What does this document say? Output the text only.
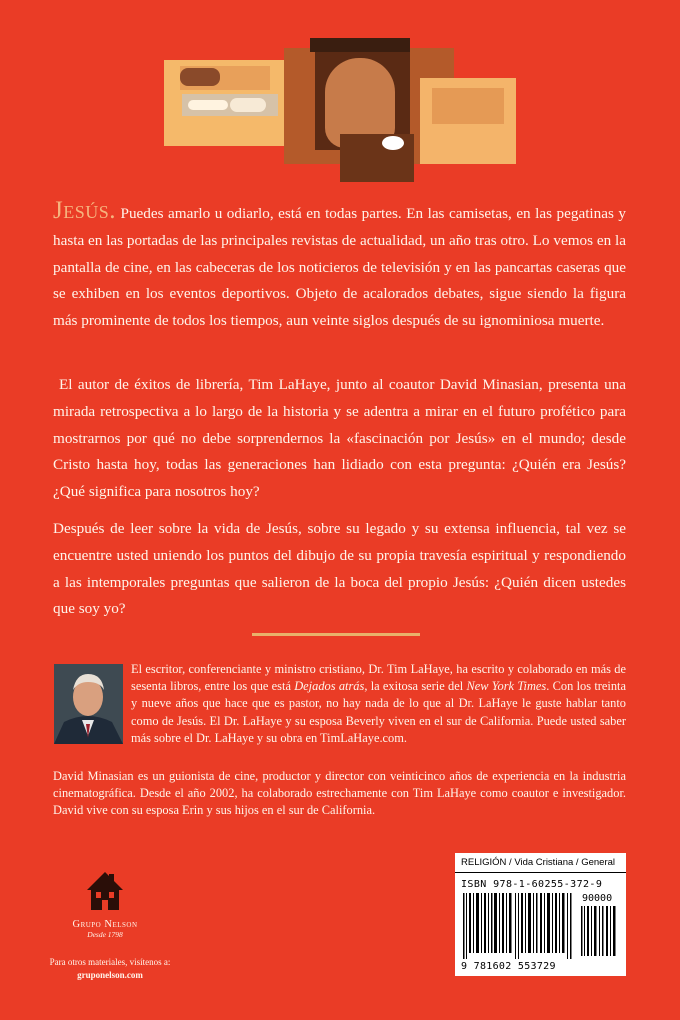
Jesús. Puedes amarlo u odiarlo, está en todas partes. En las camisetas, en las pegatinas y hasta en las portadas de las principales revistas de actualidad, un año tras otro. Lo vemos en la pantalla de cine, en las cabeceras de los noticieros de televisión y en las pancartas caseras que se exhiben en los eventos deportivos. Objeto de acalorados debates, sigue siendo la figura más prominente de todos los tiempos, aun veinte siglos después de su ignominiosa muerte.

El autor de éxitos de librería, Tim LaHaye, junto al coautor David Minasian, presenta una mirada retrospectiva a lo largo de la historia y se adentra a mirar en el futuro profético para mostrarnos por qué no debe sorprendernos la «fascinación por Jesús» en el mundo; desde Cristo hasta hoy, todas las generaciones han lidiado con esta pregunta: ¿Quién era Jesús? ¿Qué significa para nosotros hoy?

Después de leer sobre la vida de Jesús, sobre su legado y su extensa influencia, tal vez se encuentre usted uniendo los puntos del dibujo de su propia travesía espiritual y respondiendo a las intemporales preguntas que salieron de la boca del propio Jesús: ¿Quién dicen ustedes que soy yo?

El escritor, conferenciante y ministro cristiano, Dr. Tim LaHaye, ha escrito y colaborado en más de sesenta libros, entre los que está Dejados atrás, la exitosa serie del New York Times. Con los treinta y nueve años que hace que es pastor, no hay nada de lo que al Dr. LaHaye le guste hablar tanto como de Jesús. El Dr. LaHaye y su esposa Beverly viven en el sur de California. Puede usted saber más sobre el Dr. LaHaye y su obra en TimLaHaye.com.

David Minasian es un guionista de cine, productor y director con veinticinco años de experiencia en la industria cinematográfica. Desde el año 2002, ha colaborado estrechamente con Tim LaHaye como coautor e investigador. David vive con su esposa Erin y sus hijos en el sur de California.

Grupo Nelson
Desde 1798
Para otros materiales, visítenos a:
gruponelson.com
RELIGIÓN / Vida Cristiana / General
ISBN 978-1-60255-372-9
90000
9 781602 553729
